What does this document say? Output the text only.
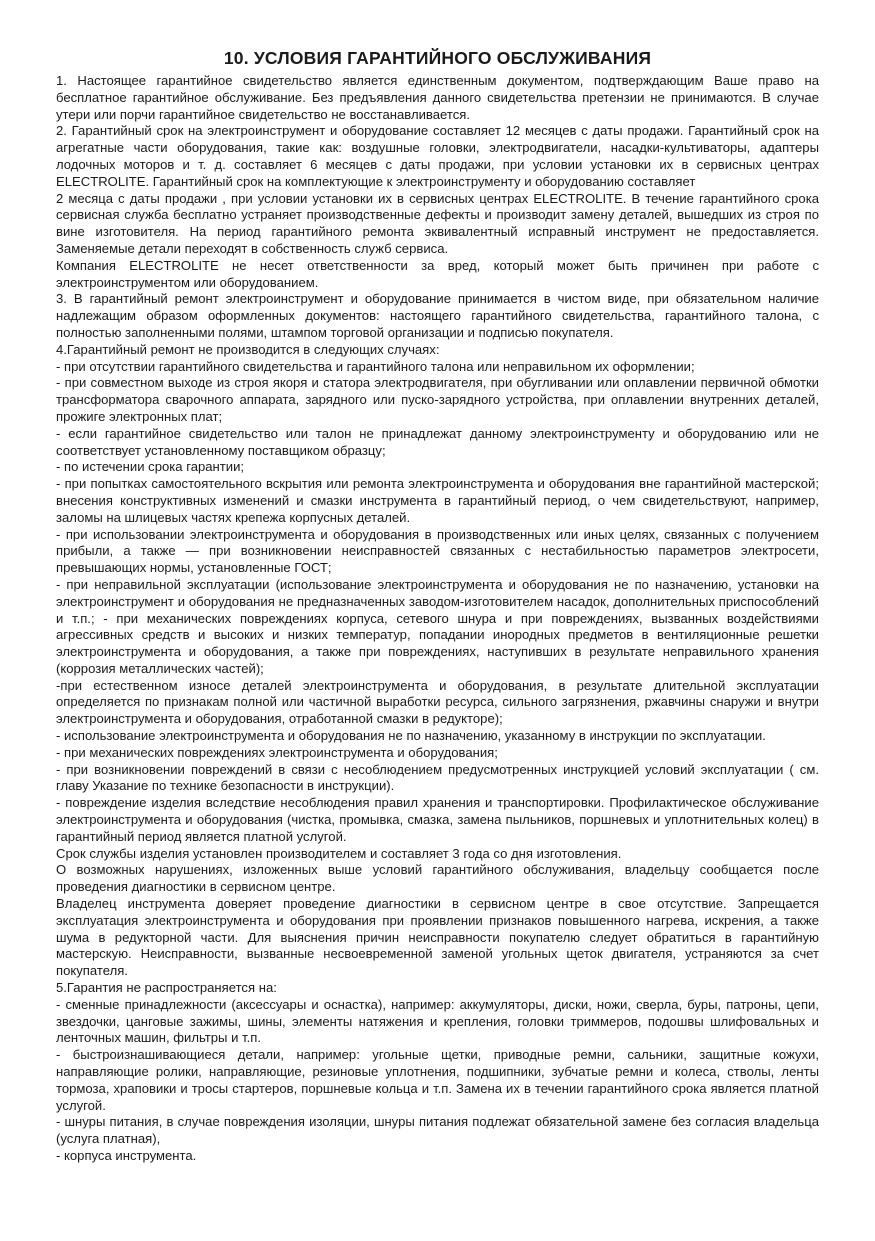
10. УСЛОВИЯ ГАРАНТИЙНОГО ОБСЛУЖИВАНИЯ

1. Настоящее гарантийное свидетельство является единственным документом, подтверждающим Ваше право на бесплатное гарантийное обслуживание. Без предъявления данного свидетельства претензии не принимаются. В случае утери или порчи гарантийное свидетельство не восстанавливается.

2. Гарантийный срок на электроинструмент и оборудование составляет 12 месяцев с даты продажи. Гарантийный срок на агрегатные части оборудования, такие как: воздушные головки, электродвигатели, насадки-культиваторы, адаптеры лодочных моторов и т. д. составляет 6 месяцев с даты продажи, при условии установки их в сервисных центрах ELECTROLITE. Гарантийный срок на комплектующие к электроинструменту и оборудованию составляет

2 месяца с даты продажи , при условии установки их в сервисных центрах ELECTROLITE. В течение гарантийного срока сервисная служба бесплатно устраняет производственные дефекты и производит замену деталей, вышедших из строя по вине изготовителя. На период гарантийного ремонта эквивалентный исправный инструмент не предоставляется. Заменяемые детали переходят в собственность служб сервиса.

Компания ELECTROLITE не несет ответственности за вред, который может быть причинен при работе с электроинструментом или оборудованием.

3. В гарантийный ремонт электроинструмент и оборудование принимается в чистом виде, при обязательном наличие надлежащим образом оформленных документов: настоящего гарантийного свидетельства, гарантийного талона, с полностью заполненными полями, штампом торговой организации и подписью покупателя.

4.Гарантийный ремонт не производится в следующих случаях:

- при отсутствии гарантийного свидетельства и гарантийного талона или неправильном их оформлении;

- при совместном выходе из строя якоря и статора электродвигателя, при обугливании или оплавлении первичной обмотки трансформатора сварочного аппарата, зарядного или пуско-зарядного устройства, при оплавлении внутренних деталей, прожиге электронных плат;

- если гарантийное свидетельство или талон не принадлежат данному электроинструменту и оборудованию или не соответствует установленному поставщиком образцу;

- по истечении срока гарантии;

- при попытках самостоятельного вскрытия или ремонта электроинструмента и оборудования вне гарантийной мастерской; внесения конструктивных изменений и смазки инструмента в гарантийный период, о чем свидетельствуют, например, заломы на шлицевых частях крепежа корпусных деталей.

- при использовании электроинструмента и оборудования в производственных или иных целях, связанных с получением прибыли, а также — при возникновении неисправностей связанных с нестабильностью параметров электросети, превышающих нормы, установленные ГОСТ;

- при неправильной эксплуатации (использование электроинструмента и оборудования не по назначению, установки на электроинструмент и оборудования не предназначенных заводом-изготовителем насадок, дополнительных приспособлений и т.п.; - при механических повреждениях корпуса, сетевого шнура и при повреждениях, вызванных воздействиями агрессивных средств и высоких и низких температур, попадании инородных предметов в вентиляционные решетки электроинструмента и оборудования, а также при повреждениях, наступивших в результате неправильного хранения (коррозия металлических частей);

-при естественном износе деталей электроинструмента и оборудования, в результате длительной эксплуатации определяется по признакам полной или частичной выработки ресурса, сильного загрязнения, ржавчины снаружи и внутри электроинструмента и оборудования, отработанной смазки в редукторе);

- использование электроинструмента и оборудования не по назначению, указанному в инструкции по эксплуатации.

- при механических повреждениях электроинструмента и оборудования;

- при возникновении повреждений в связи с несоблюдением предусмотренных инструкцией условий эксплуатации ( см. главу Указание по технике безопасности в инструкции).

- повреждение изделия вследствие несоблюдения правил хранения и транспортировки. Профилактическое обслуживание электроинструмента и оборудования (чистка, промывка, смазка, замена пыльников, поршневых и уплотнительных колец) в гарантийный период является платной услугой.

Срок службы изделия установлен производителем и составляет 3 года со дня изготовления.

О возможных нарушениях, изложенных выше условий гарантийного обслуживания, владельцу сообщается после проведения диагностики в сервисном центре.

Владелец инструмента доверяет проведение диагностики в сервисном центре в свое отсутствие. Запрещается эксплуатация электроинструмента и оборудования при проявлении признаков повышенного нагрева, искрения, а также шума в редукторной части. Для выяснения причин неисправности покупателю следует обратиться в гарантийную мастерскую. Неисправности, вызванные несвоевременной заменой угольных щеток двигателя, устраняются за счет покупателя.

5.Гарантия не распространяется на:

- сменные принадлежности (аксессуары и оснастка), например: аккумуляторы, диски, ножи, сверла, буры, патроны, цепи, звездочки, цанговые зажимы, шины, элементы натяжения и крепления, головки триммеров, подошвы шлифовальных и ленточных машин, фильтры и т.п.

- быстроизнашивающиеся детали, например: угольные щетки, приводные ремни, сальники, защитные кожухи, направляющие ролики, направляющие, резиновые уплотнения, подшипники, зубчатые ремни и колеса, стволы, ленты тормоза, храповики и тросы стартеров, поршневые кольца и т.п. Замена их в течении гарантийного срока является платной услугой.

- шнуры питания, в случае повреждения изоляции, шнуры питания подлежат обязательной замене без согласия владельца (услуга платная),

- корпуса инструмента.
